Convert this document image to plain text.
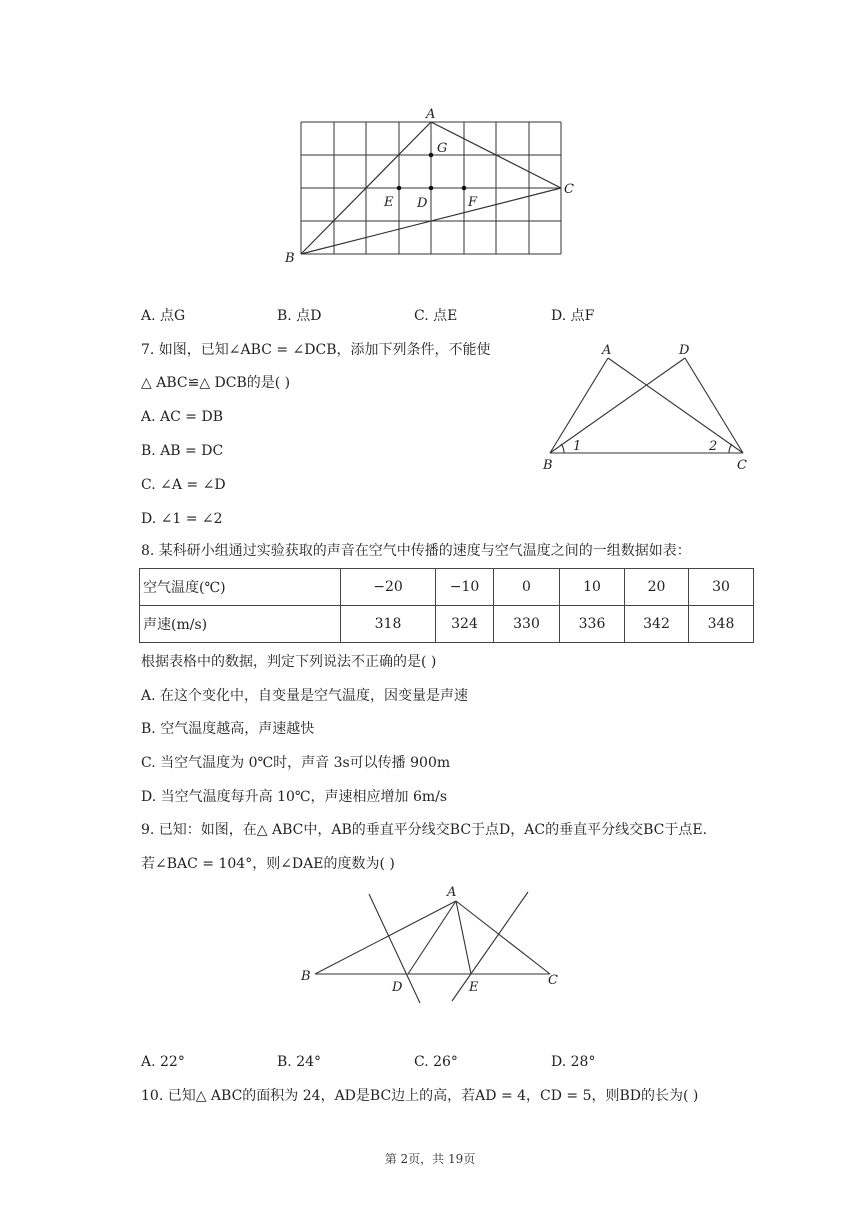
A
G
C
E D	F
B
A. 点G	B. 点D	C. 点E	D. 点F
7. 如图，已知∠ABC = ∠DCB，添加下列条件，不能使
△ ABC≌△ DCB的是( )
A. AC = DB
B. AB = DC
C. ∠A = ∠D
D. ∠1 = ∠2
A	D
B	C
1	2
8. 某科研小组通过实验获取的声音在空气中传播的速度与空气温度之间的一组数据如表：
空气温度(℃)	−20	−10	0	10	20	30
声速(m/s)	318	324	330	336	342	348
根据表格中的数据，判定下列说法不正确的是( )
A. 在这个变化中，自变量是空气温度，因变量是声速
B. 空气温度越高，声速越快
C. 当空气温度为 0℃时，声音 3s可以传播 900m
D. 当空气温度每升高 10℃，声速相应增加 6m/s
9. 已知：如图，在△ ABC中，AB的垂直平分线交BC于点D，AC的垂直平分线交BC于点E.
若∠BAC = 104°，则∠DAE的度数为( )
A
B	C
D	E
A. 22°	B. 24°	C. 26°	D. 28°
10. 已知△ ABC的面积为 24，AD是BC边上的高，若AD = 4，CD = 5，则BD的长为( )
第 2页，共 19页
